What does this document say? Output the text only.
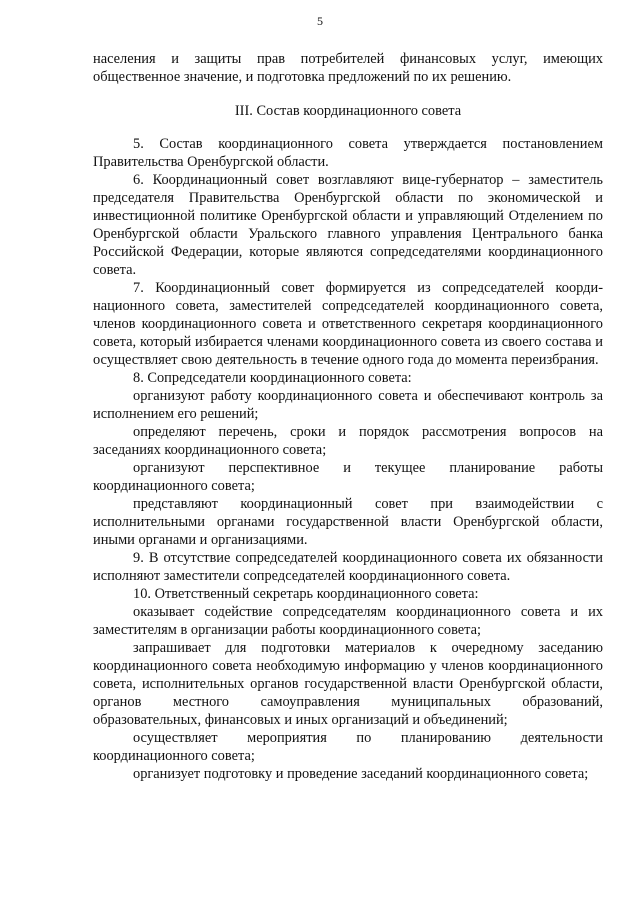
5

населения и защиты прав потребителей финансовых услуг, имеющих общественное значение, и подготовка предложений по их решению.

III. Состав координационного совета

5. Состав координационного совета утверждается постановлением Правительства Оренбургской области.

6. Координационный совет возглавляют вице-губернатор – заместитель председателя Правительства Оренбургской области по экономической и инвестиционной политике Оренбургской области и управляющий Отделением по Оренбургской области Уральского главного управления Центрального банка Российской Федерации, которые являются сопредседателями координационного совета.

7. Координационный совет формируется из сопредседателей координационного совета, заместителей сопредседателей координационного совета, членов координационного совета и ответственного секретаря координационного совета, который избирается членами координационного совета из своего состава и осуществляет свою деятельность в течение одного года до момента переизбрания.

8. Сопредседатели координационного совета:

организуют работу координационного совета и обеспечивают контроль за исполнением его решений;

определяют перечень, сроки и порядок рассмотрения вопросов на заседаниях координационного совета;

организуют перспективное и текущее планирование работы координационного совета;

представляют координационный совет при взаимодействии с исполнительными органами государственной власти Оренбургской области, иными органами и организациями.

9. В отсутствие сопредседателей координационного совета их обязанности исполняют заместители сопредседателей координационного совета.

10. Ответственный секретарь координационного совета:

оказывает содействие сопредседателям координационного совета и их заместителям в организации работы координационного совета;

запрашивает для подготовки материалов к очередному заседанию координационного совета необходимую информацию у членов координационного совета, исполнительных органов государственной власти Оренбургской области, органов местного самоуправления муниципальных образований, образовательных, финансовых и иных организаций и объединений;

осуществляет мероприятия по планированию деятельности координационного совета;

организует подготовку и проведение заседаний координационного совета;
